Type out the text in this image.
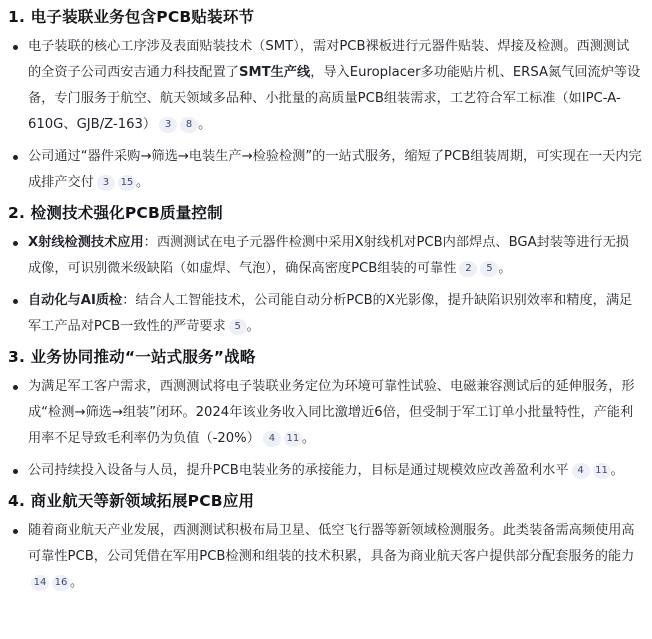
1. 电子装联业务包含PCB贴装环节
电子装联的核心工序涉及表面贴装技术（SMT），需对PCB裸板进行元器件贴装、焊接及检测。西测测试的全资子公司西安吉通力科技配置了SMT生产线，导入Europlacer多功能贴片机、ERSA氮气回流炉等设备，专门服务于航空、航天领域多品种、小批量的高质量PCB组装需求，工艺符合军工标准（如IPC-A-610G、GJB/Z-163） 3 8 。
公司通过“器件采购→筛选→电装生产→检验检测”的一站式服务，缩短了PCB组装周期，可实现在一天内完成排产交付 3 15 。
2. 检测技术强化PCB质量控制
X射线检测技术应用：西测测试在电子元器件检测中采用X射线机对PCB内部焊点、BGA封装等进行无损成像，可识别微米级缺陷（如虚焊、气泡），确保高密度PCB组装的可靠性 2 5 。
自动化与AI质检：结合人工智能技术，公司能自动分析PCB的X光影像，提升缺陷识别效率和精度，满足军工产品对PCB一致性的严苛要求 5 。
3. 业务协同推动“一站式服务”战略
为满足军工客户需求，西测测试将电子装联业务定位为环境可靠性试验、电磁兼容测试后的延伸服务，形成“检测→筛选→组装”闭环。2024年该业务收入同比激增近6倍，但受制于军工订单小批量特性，产能利用率不足导致毛利率仍为负值（-20%） 4 11 。
公司持续投入设备与人员，提升PCB电装业务的承接能力，目标是通过规模效应改善盈利水平 4 11 。
4. 商业航天等新领域拓展PCB应用
随着商业航天产业发展，西测测试积极布局卫星、低空飞行器等新领域检测服务。此类装备需高频使用高可靠性PCB，公司凭借在军用PCB检测和组装的技术积累，具备为商业航天客户提供部分配套服务的能力14 16 。
